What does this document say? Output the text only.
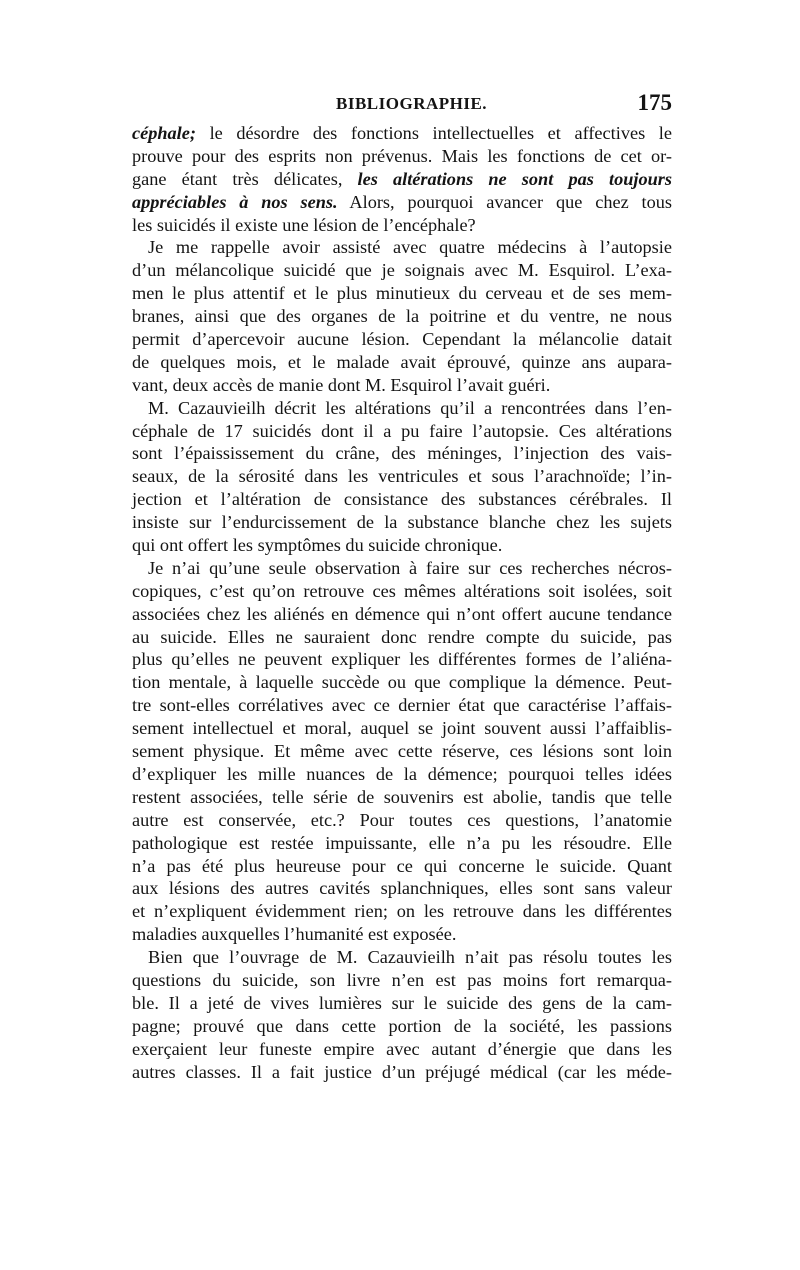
BIBLIOGRAPHIE.	175
céphale; le désordre des fonctions intellectuelles et affectives le
prouve pour des esprits non prévenus. Mais les fonctions de cet or-
gane étant très délicates, les altérations ne sont pas toujours
appréciables à nos sens. Alors, pourquoi avancer que chez tous
les suicidés il existe une lésion de l’encéphale?
Je me rappelle avoir assisté avec quatre médecins à l’autopsie
d’un mélancolique suicidé que je soignais avec M. Esquirol. L’exa-
men le plus attentif et le plus minutieux du cerveau et de ses mem-
branes, ainsi que des organes de la poitrine et du ventre, ne nous
permit d’apercevoir aucune lésion. Cependant la mélancolie datait
de quelques mois, et le malade avait éprouvé, quinze ans aupara-
vant, deux accès de manie dont M. Esquirol l’avait guéri.
M. Cazauvieilh décrit les altérations qu’il a rencontrées dans l’en-
céphale de 17 suicidés dont il a pu faire l’autopsie. Ces altérations
sont l’épaississement du crâne, des méninges, l’injection des vais-
seaux, de la sérosité dans les ventricules et sous l’arachnoïde; l’in-
jection et l’altération de consistance des substances cérébrales. Il
insiste sur l’endurcissement de la substance blanche chez les sujets
qui ont offert les symptômes du suicide chronique.
Je n’ai qu’une seule observation à faire sur ces recherches nécros-
copiques, c’est qu’on retrouve ces mêmes altérations soit isolées, soit
associées chez les aliénés en démence qui n’ont offert aucune tendance
au suicide. Elles ne sauraient donc rendre compte du suicide, pas
plus qu’elles ne peuvent expliquer les différentes formes de l’aliéna-
tion mentale, à laquelle succède ou que complique la démence. Peut-
tre sont-elles corrélatives avec ce dernier état que caractérise l’affais-
sement intellectuel et moral, auquel se joint souvent aussi l’affaiblis-
sement physique. Et même avec cette réserve, ces lésions sont loin
d’expliquer les mille nuances de la démence; pourquoi telles idées
restent associées, telle série de souvenirs est abolie, tandis que telle
autre est conservée, etc.? Pour toutes ces questions, l’anatomie
pathologique est restée impuissante, elle n’a pu les résoudre. Elle
n’a pas été plus heureuse pour ce qui concerne le suicide. Quant
aux lésions des autres cavités splanchniques, elles sont sans valeur
et n’expliquent évidemment rien; on les retrouve dans les différentes
maladies auxquelles l’humanité est exposée.
Bien que l’ouvrage de M. Cazauvieilh n’ait pas résolu toutes les
questions du suicide, son livre n’en est pas moins fort remarqua-
ble. Il a jeté de vives lumières sur le suicide des gens de la cam-
pagne; prouvé que dans cette portion de la société, les passions
exerçaient leur funeste empire avec autant d’énergie que dans les
autres classes. Il a fait justice d’un préjugé médical (car les méde-
